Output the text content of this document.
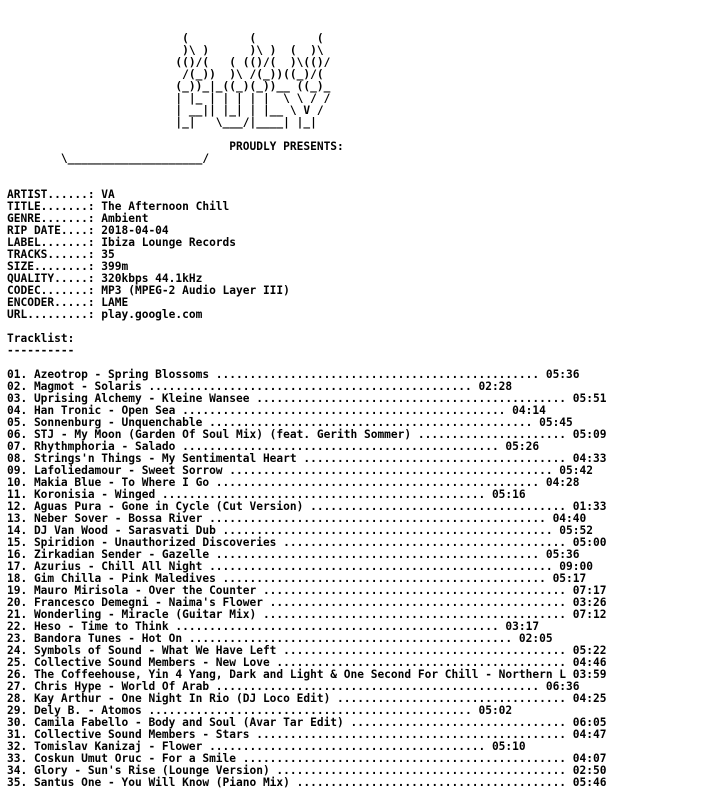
(         (         (
)\ )      )\ )  (  )\
(()/(   ( (()/(  )\(()/
/(_))  )\ /(_))((_)/(
(_))_|_((_)(_))__ ((_)_
| |_ | | | | |  \ \ / /
| __|| |_| | |__ \ V /
|_|   \___/|____| |_|
PROUDLY PRESENTS:
\____________________/
ARTIST......: VA
TITLE.......: The Afternoon Chill
GENRE.......: Ambient
RIP DATE....: 2018-04-04
LABEL.......: Ibiza Lounge Records
TRACKS......: 35
SIZE........: 399m
QUALITY.....: 320kbps 44.1kHz
CODEC.......: MP3 (MPEG-2 Audio Layer III)
ENCODER.....: LAME
URL.........: play.google.com
Tracklist:
----------
01. Azeotrop - Spring Blossoms ................................................ 05:36
02. Magmot - Solaris ................................................ 02:28
03. Uprising Alchemy - Kleine Wansee .............................................. 05:51
04. Han Tronic - Open Sea ................................................ 04:14
05. Sonnenburg - Unquenchable ................................................ 05:45
06. STJ - My Moon (Garden Of Soul Mix) (feat. Gerith Sommer) ...................... 05:09
07. Rhythmphoria - Salado ............................................... 05:26
08. Strings'n Things - My Sentimental Heart ....................................... 04:33
09. Lafoliedamour - Sweet Sorrow ................................................ 05:42
10. Makia Blue - To Where I Go ................................................ 04:28
11. Koronisia - Winged ................................................ 05:16
12. Aguas Pura - Gone in Cycle (Cut Version) ...................................... 01:33
13. Neber Sover - Bossa River .................................................. 04:40
14. DJ Van Wood - Sarasvati Dub ................................................. 05:52
15. Spiridion - Unauthorized Discoveries .......................................... 05:00
16. Zirkadian Sender - Gazelle ................................................ 05:36
17. Azurius - Chill All Night ................................................... 09:00
18. Gim Chilla - Pink Maledives ................................................ 05:17
19. Mauro Mirisola - Over the Counter ............................................. 07:17
20. Francesco Demegni - Naima's Flower ............................................ 03:26
21. Wonderling - Miracle (Guitar Mix) ............................................. 07:12
22. Heso - Time to Think ................................................ 03:17
23. Bandora Tunes - Hot On ................................................ 02:05
24. Symbols of Sound - What We Have Left .......................................... 05:22
25. Collective Sound Members - New Love ........................................... 04:46
26. The Coffeehouse, Yin 4 Yang, Dark and Light & One Second For Chill - Northern L 03:59
27. Chris Hype - World Of Arab ................................................ 06:36
28. Kay Arthur - One Night In Rio (DJ Loco Edit) .................................. 04:25
29. Dely B. - Atomos ................................................ 05:02
30. Camila Fabello - Body and Soul (Avar Tar Edit) ................................ 06:05
31. Collective Sound Members - Stars .............................................. 04:47
32. Tomislav Kanizaj - Flower ......................................... 05:10
33. Coskun Umut Oruc - For a Smile ................................................ 04:07
34. Glory - Sun's Rise (Lounge Version) ........................................... 02:50
35. Santus One - You Will Know (Piano Mix) ........................................ 05:46
